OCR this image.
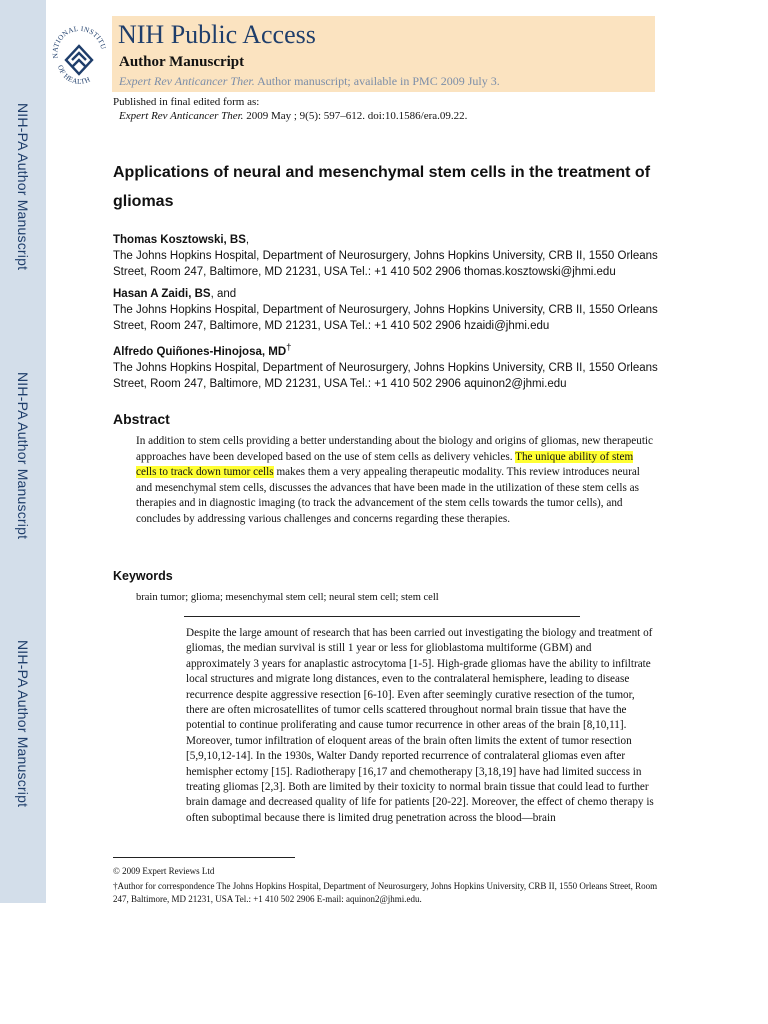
NIH-PA Author Manuscript
NIH-PA Author Manuscript
NIH-PA Author Manuscript
NATIONAL INSTITU
OF HEALTH
NIH Public Access
Author Manuscript
Expert Rev Anticancer Ther. Author manuscript; available in PMC 2009 July 3.
Published in final edited form as:
Expert Rev Anticancer Ther. 2009 May ; 9(5): 597–612. doi:10.1586/era.09.22.
Applications of neural and mesenchymal stem cells in the treatment of gliomas
Thomas Kosztowski, BS,
The Johns Hopkins Hospital, Department of Neurosurgery, Johns Hopkins University, CRB II, 1550 Orleans Street, Room 247, Baltimore, MD 21231, USA Tel.: +1 410 502 2906 thomas.kosztowski@jhmi.edu
Hasan A Zaidi, BS, and
The Johns Hopkins Hospital, Department of Neurosurgery, Johns Hopkins University, CRB II, 1550 Orleans Street, Room 247, Baltimore, MD 21231, USA Tel.: +1 410 502 2906 hzaidi@jhmi.edu
Alfredo Quiñones-Hinojosa, MD†
The Johns Hopkins Hospital, Department of Neurosurgery, Johns Hopkins University, CRB II, 1550 Orleans Street, Room 247, Baltimore, MD 21231, USA Tel.: +1 410 502 2906 aquinon2@jhmi.edu
Abstract
In addition to stem cells providing a better understanding about the biology and origins of gliomas, new therapeutic approaches have been developed based on the use of stem cells as delivery vehicles. The unique ability of stem cells to track down tumor cells makes them a very appealing therapeutic modality. This review introduces neural and mesenchymal stem cells, discusses the advances that have been made in the utilization of these stem cells as therapies and in diagnostic imaging (to track the advancement of the stem cells towards the tumor cells), and concludes by addressing various challenges and concerns regarding these therapies.
Keywords
brain tumor; glioma; mesenchymal stem cell; neural stem cell; stem cell
Despite the large amount of research that has been carried out investigating the biology and treatment of gliomas, the median survival is still 1 year or less for glioblastoma multiforme (GBM) and approximately 3 years for anaplastic astrocytoma [1-5]. High-grade gliomas have the ability to infiltrate local structures and migrate long distances, even to the contralateral hemisphere, leading to disease recurrence despite aggressive resection [6-10]. Even after seemingly curative resection of the tumor, there are often microsatellites of tumor cells scattered throughout normal brain tissue that have the potential to continue proliferating and cause tumor recurrence in other areas of the brain [8,10,11]. Moreover, tumor infiltration of eloquent areas of the brain often limits the extent of tumor resection [5,9,10,12-14]. In the 1930s, Walter Dandy reported recurrence of contralateral gliomas even after hemispher ectomy [15]. Radiotherapy [16,17 and chemotherapy [3,18,19] have had limited success in treating gliomas [2,3]. Both are limited by their toxicity to normal brain tissue that could lead to further brain damage and decreased quality of life for patients [20-22]. Moreover, the effect of chemo therapy is often suboptimal because there is limited drug penetration across the blood—brain
© 2009 Expert Reviews Ltd
†Author for correspondence The Johns Hopkins Hospital, Department of Neurosurgery, Johns Hopkins University, CRB II, 1550 Orleans Street, Room 247, Baltimore, MD 21231, USA Tel.: +1 410 502 2906 E-mail: aquinon2@jhmi.edu.
